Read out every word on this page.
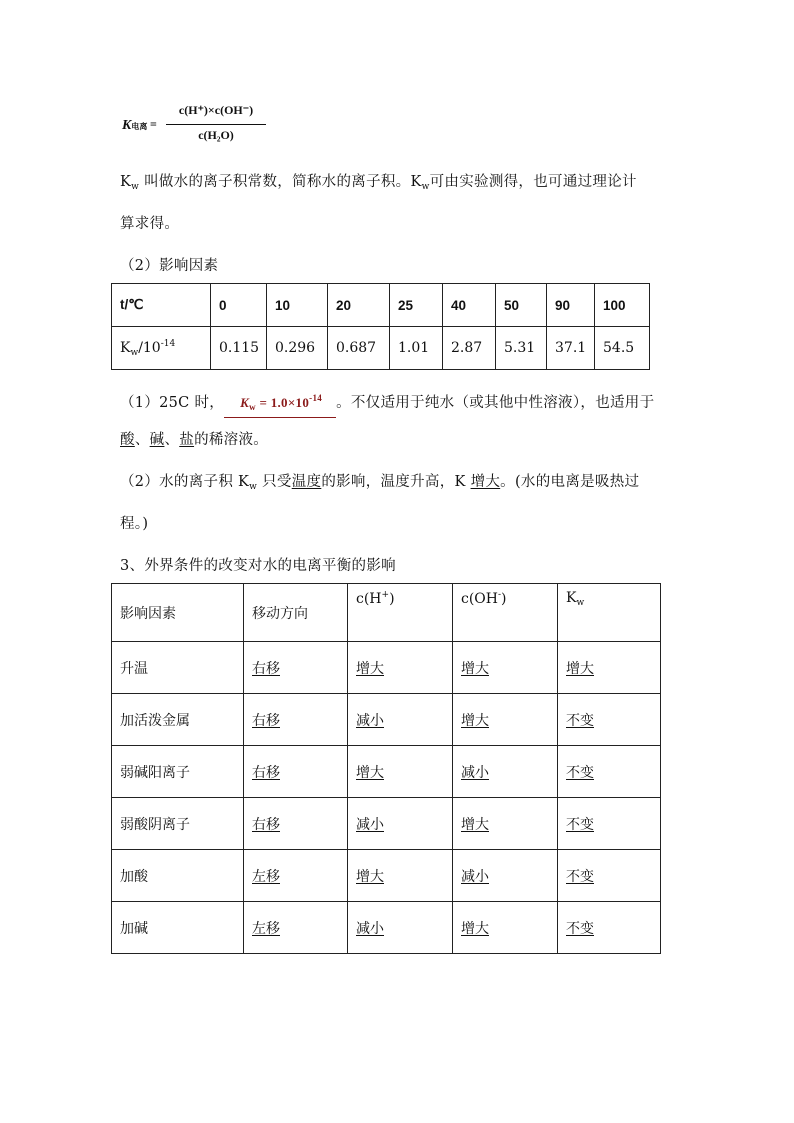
K电离 =
c(H⁺)×c(OH⁻)
c(H₂O)
$K_w$ 叫做水的离子积常数，简称水的离子积。$K_w$可由实验测得，也可通过理论计
算求得。
（2）影响因素
t/℃	0	10	20	25	40	50	90	100
$K_w/10^{-14}$	0.115	0.296	0.687	1.01	2.87	5.31	37.1	54.5
（1）25C 时， $K_w = 1.0\times 10^{-14}$ 。不仅适用于纯水（或其他中性溶液），也适用于
酸、碱、盐的稀溶液。
（2）水的离子积 $K_w$ 只受温度的影响，温度升高，K 增大。(水的电离是吸热过
程。)
3、外界条件的改变对水的电离平衡的影响
影响因素	移动方向	c(H+)	c(OH-)	$K_w$
升温	右移	增大	增大	增大
加活泼金属	右移	减小	增大	不变
弱碱阳离子	右移	增大	减小	不变
弱酸阴离子	右移	减小	增大	不变
加酸	左移	增大	减小	不变
加碱	左移	减小	增大	不变
